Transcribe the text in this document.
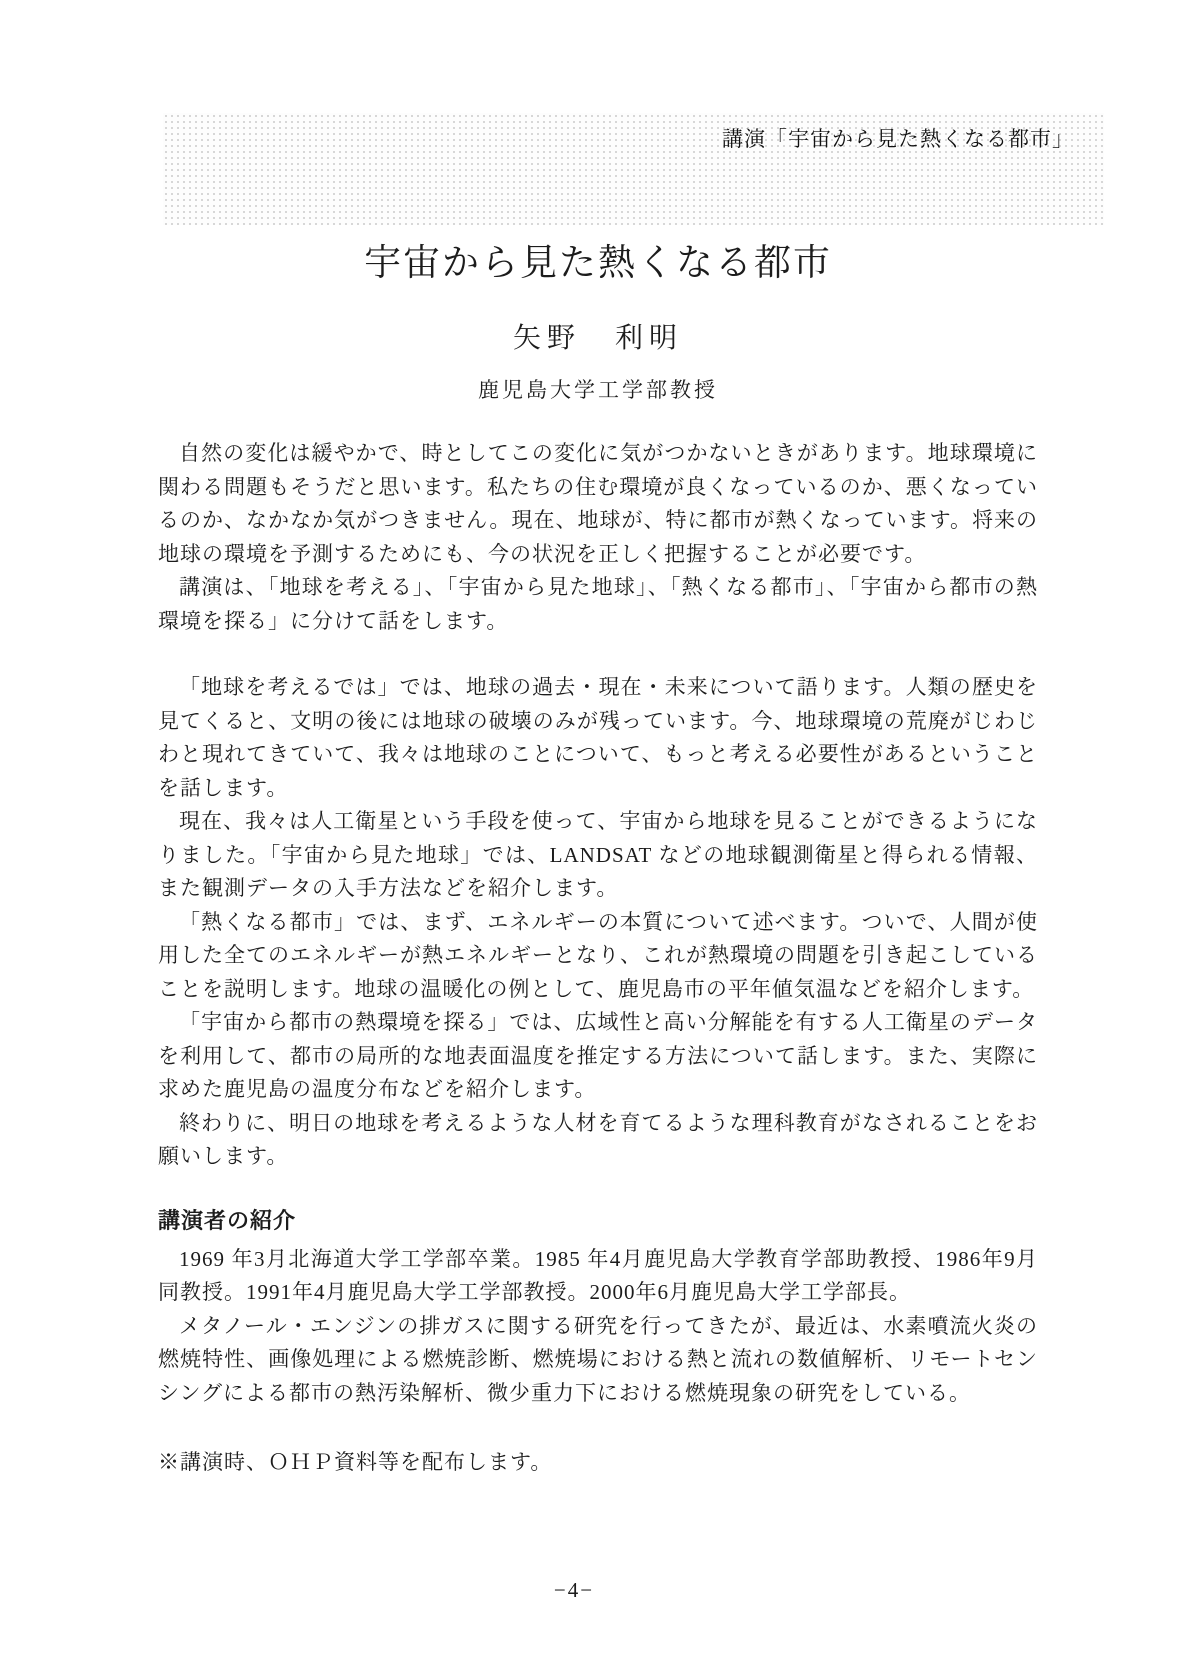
講演「宇宙から見た熱くなる都市」
宇宙から見た熱くなる都市
矢野　利明
鹿児島大学工学部教授

自然の変化は緩やかで、時としてこの変化に気がつかないときがあります。地球環境に関わる問題もそうだと思います。私たちの住む環境が良くなっているのか、悪くなっているのか、なかなか気がつきません。現在、地球が、特に都市が熱くなっています。将来の地球の環境を予測するためにも、今の状況を正しく把握することが必要です。

講演は、「地球を考える」、「宇宙から見た地球」、「熱くなる都市」、「宇宙から都市の熱環境を探る」に分けて話をします。

「地球を考えるでは」では、地球の過去・現在・未来について語ります。人類の歴史を見てくると、文明の後には地球の破壊のみが残っています。今、地球環境の荒廃がじわじわと現れてきていて、我々は地球のことについて、もっと考える必要性があるということを話します。

現在、我々は人工衛星という手段を使って、宇宙から地球を見ることができるようになりました。「宇宙から見た地球」では、LANDSAT などの地球観測衛星と得られる情報、また観測データの入手方法などを紹介します。

「熱くなる都市」では、まず、エネルギーの本質について述べます。ついで、人間が使用した全てのエネルギーが熱エネルギーとなり、これが熱環境の問題を引き起こしていることを説明します。地球の温暖化の例として、鹿児島市の平年値気温などを紹介します。

「宇宙から都市の熱環境を探る」では、広域性と高い分解能を有する人工衛星のデータを利用して、都市の局所的な地表面温度を推定する方法について話します。また、実際に求めた鹿児島の温度分布などを紹介します。

終わりに、明日の地球を考えるような人材を育てるような理科教育がなされることをお願いします。

講演者の紹介

1969 年3月北海道大学工学部卒業。1985 年4月鹿児島大学教育学部助教授、1986年9月同教授。1991年4月鹿児島大学工学部教授。2000年6月鹿児島大学工学部長。

メタノール・エンジンの排ガスに関する研究を行ってきたが、最近は、水素噴流火炎の燃焼特性、画像処理による燃焼診断、燃焼場における熱と流れの数値解析、リモートセンシングによる都市の熱汚染解析、微少重力下における燃焼現象の研究をしている。

※講演時、ＯＨＰ資料等を配布します。

−4−
